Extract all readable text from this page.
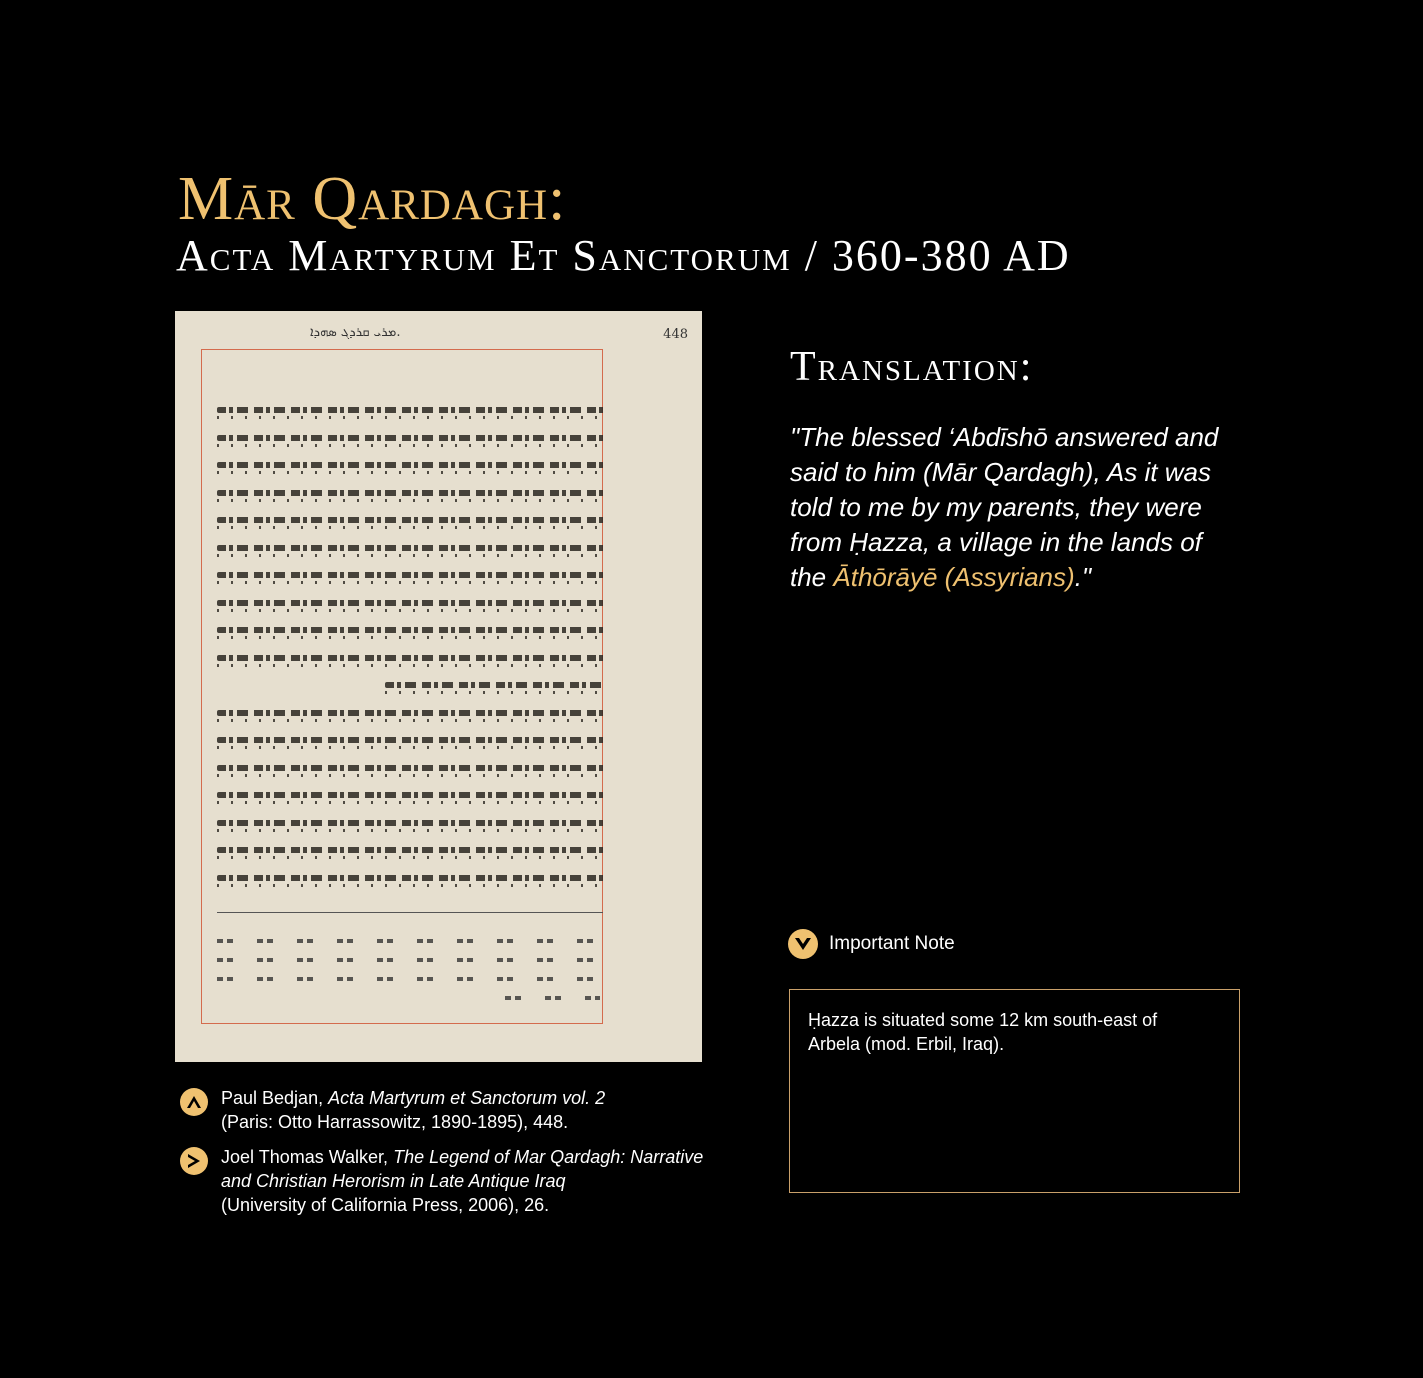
Mār Qardagh:
Acta Martyrum Et Sanctorum / 360-380 AD
ܡܪܝ ܩܪܕܓ ܣܗܕܐ.	448
Paul Bedjan, Acta Martyrum et Sanctorum vol. 2
(Paris: Otto Harrassowitz, 1890-1895), 448.
Joel Thomas Walker, The Legend of Mar Qardagh: Narrative and Christian Herorism in Late Antique Iraq
(University of California Press, 2006), 26.
Translation:
"The blessed ‘Abdīshō answered and said to him (Mār Qardagh), As it was told to me by my parents, they were from Ḥazza, a village in the lands of the Āthōrāyē (Assyrians)."
Important Note
Ḥazza is situated some 12 km south-east of Arbela (mod. Erbil, Iraq).
